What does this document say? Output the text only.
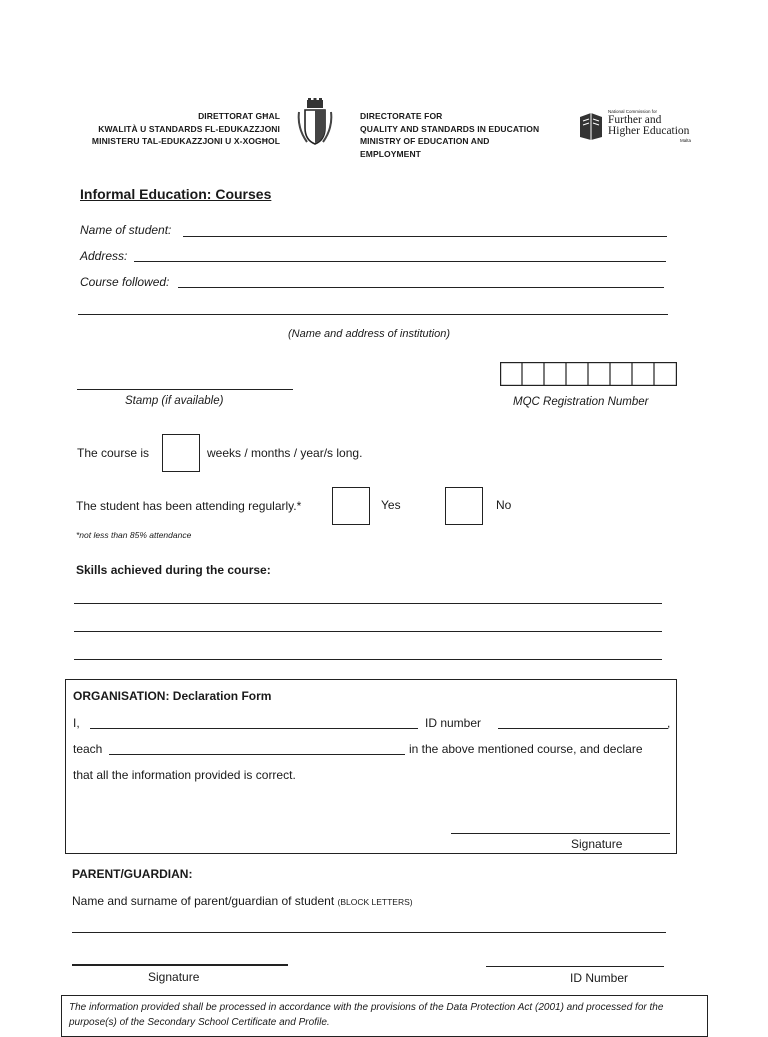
DIRETTORAT GĦAL
KWALITÀ U STANDARDS FL-EDUKAZZJONI
MINISTERU TAL-EDUKAZZJONI U X-XOGĦOL
DIRECTORATE FOR
QUALITY AND STANDARDS IN EDUCATION
MINISTRY OF EDUCATION AND
EMPLOYMENT
National Commission for
Further and
Higher Education
Malta
Informal Education: Courses
Name of student:
Address:
Course followed:
(Name and address of institution)
Stamp (if available)	MQC Registration Number
The course is	weeks / months / year/s long.
The student has been attending regularly.*	Yes	No
*not less than 85% attendance
Skills achieved during the course:
ORGANISATION: Declaration Form
I,	ID number	,
teach	in the above mentioned course, and declare
that all the information provided is correct.
Signature
PARENT/GUARDIAN:
Name and surname of parent/guardian of student (BLOCK LETTERS)
Signature	ID Number
The information provided shall be processed in accordance with the provisions of the Data Protection Act (2001) and processed for the
purpose(s) of the Secondary School Certificate and Profile.
